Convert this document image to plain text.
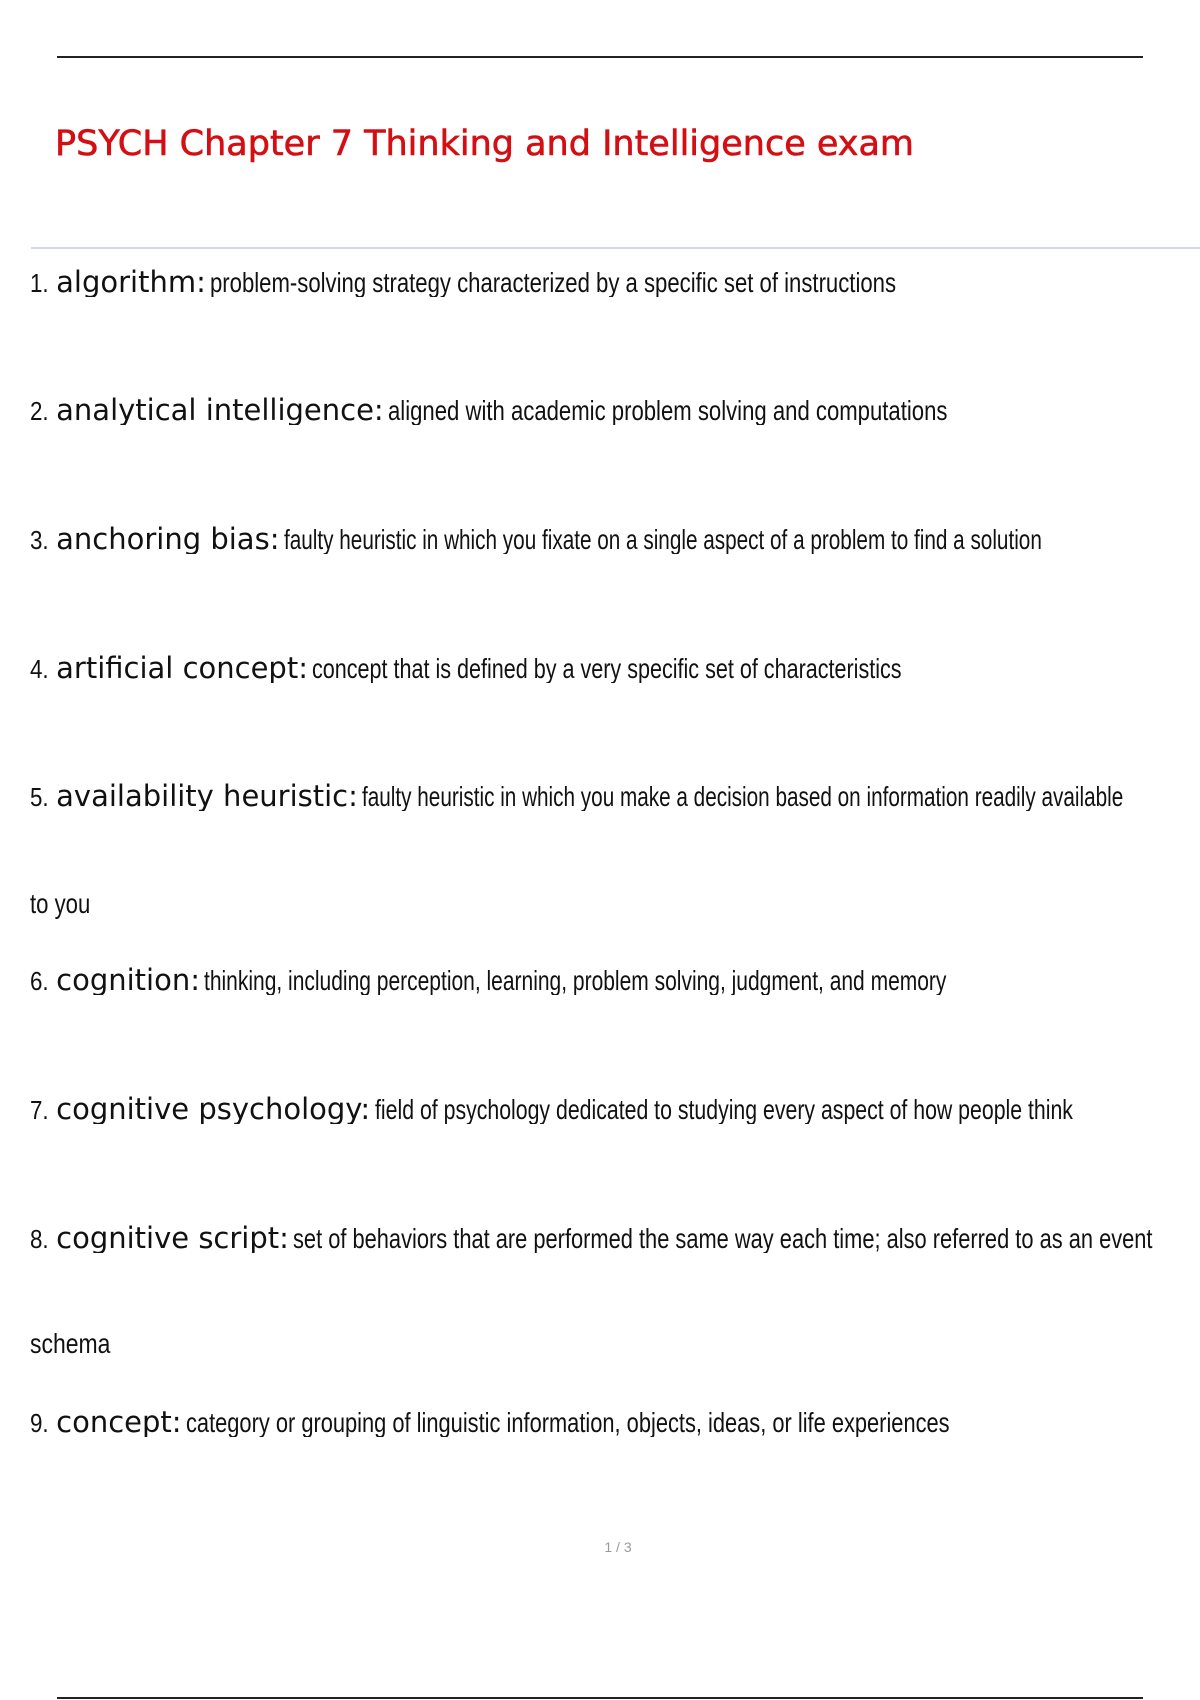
PSYCH Chapter 7 Thinking and Intelligence exam
1. algorithm: problem-solving strategy characterized by a specific set of instructions
2. analytical intelligence: aligned with academic problem solving and computations
3. anchoring bias: faulty heuristic in which you fixate on a single aspect of a problem to find a solution
4. artificial concept: concept that is defined by a very specific set of characteristics
5. availability heuristic: faulty heuristic in which you make a decision based on information readily available
to you
6. cognition: thinking, including perception, learning, problem solving, judgment, and memory
7. cognitive psychology: field of psychology dedicated to studying every aspect of how people think
8. cognitive script: set of behaviors that are performed the same way each time; also referred to as an event
schema
9. concept: category or grouping of linguistic information, objects, ideas, or life experiences
1 / 3
